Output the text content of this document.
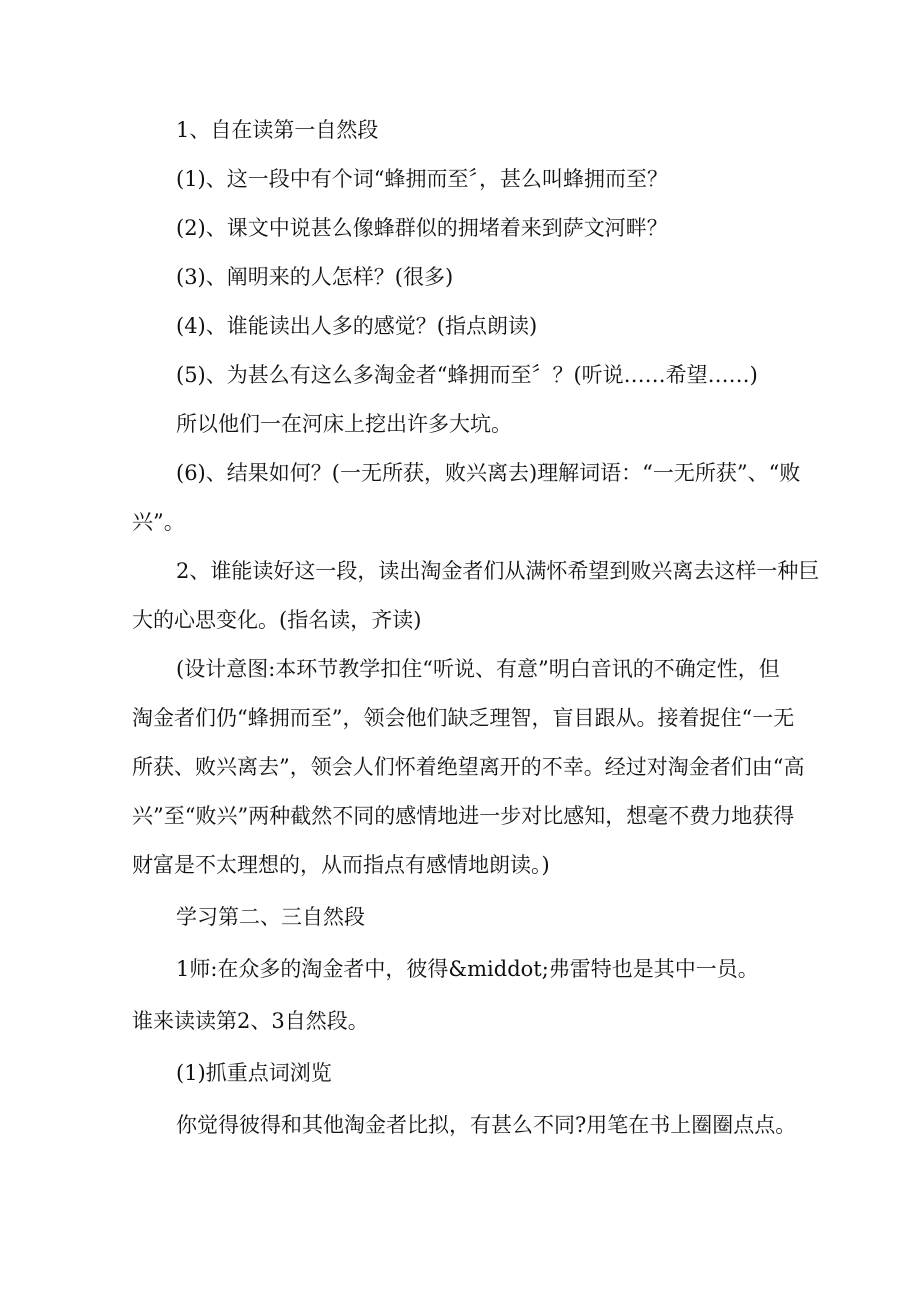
1、自在读第一自然段

(1)、这一段中有个词“蜂拥而至〞，甚么叫蜂拥而至？

(2)、课文中说甚么像蜂群似的拥堵着来到萨文河畔？

(3)、阐明来的人怎样？(很多)

(4)、谁能读出人多的感觉？(指点朗读)

(5)、为甚么有这么多淘金者“蜂拥而至〞？(听说……希望……)

所以他们一在河床上挖出许多大坑。

(6)、结果如何？(一无所获，败兴离去)理解词语：“一无所获”、“败

兴”。

2、谁能读好这一段，读出淘金者们从满怀希望到败兴离去这样一种巨

大的心思变化。(指名读，齐读)

(设计意图:本环节教学扣住“听说、有意”明白音讯的不确定性，但

淘金者们仍“蜂拥而至”，领会他们缺乏理智，盲目跟从。接着捉住“一无

所获、败兴离去”，领会人们怀着绝望离开的不幸。经过对淘金者们由“高

兴”至“败兴”两种截然不同的感情地进一步对比感知，想毫不费力地获得

财富是不太理想的，从而指点有感情地朗读。)

学习第二、三自然段

1师:在众多的淘金者中，彼得&middot;弗雷特也是其中一员。

谁来读读第2、3自然段。

(1)抓重点词浏览

你觉得彼得和其他淘金者比拟，有甚么不同?用笔在书上圈圈点点。
